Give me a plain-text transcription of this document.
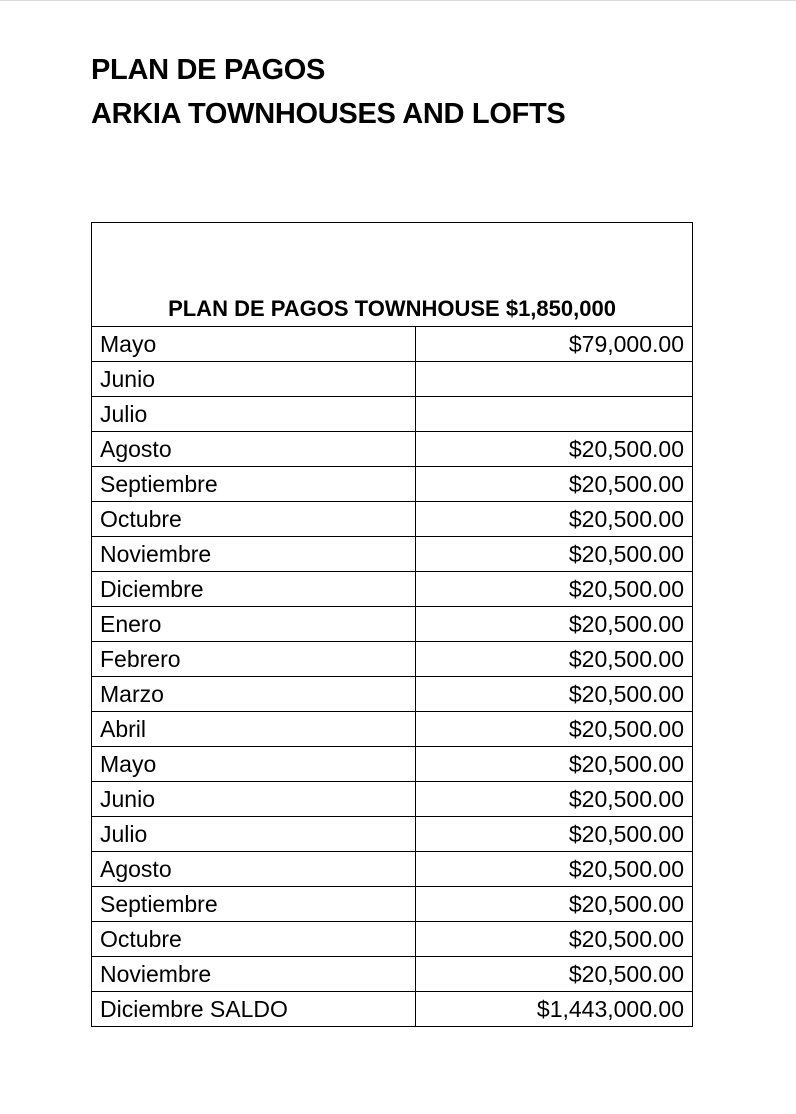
PLAN DE PAGOS
ARKIA TOWNHOUSES AND LOFTS
PLAN DE PAGOS TOWNHOUSE $1,850,000	
Mayo	$79,000.00
Junio	
Julio	
Agosto	$20,500.00
Septiembre	$20,500.00
Octubre	$20,500.00
Noviembre	$20,500.00
Diciembre	$20,500.00
Enero	$20,500.00
Febrero	$20,500.00
Marzo	$20,500.00
Abril	$20,500.00
Mayo	$20,500.00
Junio	$20,500.00
Julio	$20,500.00
Agosto	$20,500.00
Septiembre	$20,500.00
Octubre	$20,500.00
Noviembre	$20,500.00
Diciembre SALDO	$1,443,000.00
